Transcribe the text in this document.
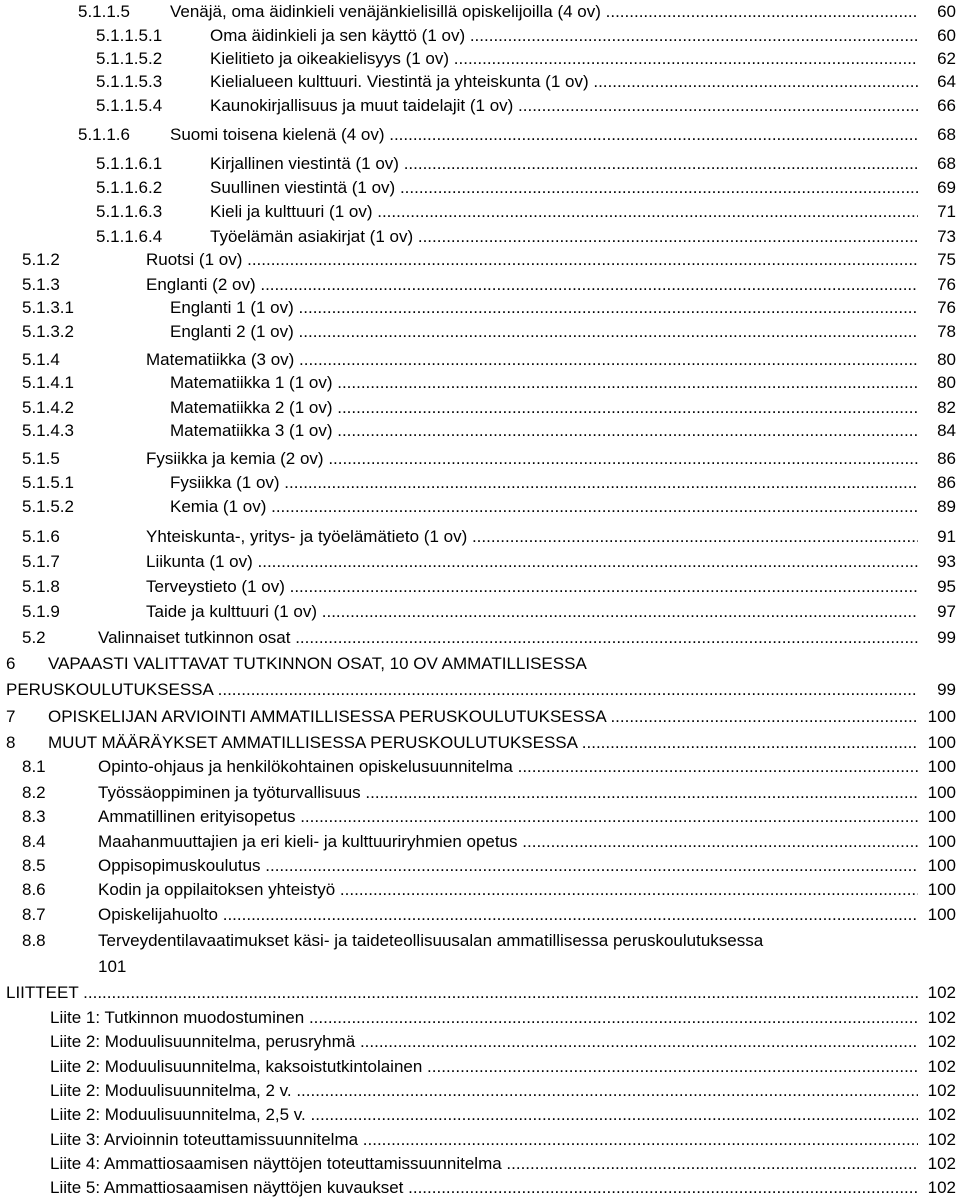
5.1.1.5 Venäjä, oma äidinkieli venäjänkielisillä opiskelijoilla (4 ov) .....	60
5.1.1.5.1	Oma äidinkieli ja sen käyttö (1 ov) .....	60
5.1.1.5.2	Kielitieto ja oikeakielisyys (1 ov) .....	62
5.1.1.5.3	Kielialueen kulttuuri. Viestintä ja yhteiskunta (1 ov) .....	64
5.1.1.5.4	Kaunokirjallisuus ja muut taidelajit (1 ov) .....	66
5.1.1.6 Suomi toisena kielenä (4 ov) .....	68
5.1.1.6.1	Kirjallinen viestintä (1 ov) .....	68
5.1.1.6.2	Suullinen viestintä (1 ov) .....	69
5.1.1.6.3	Kieli ja kulttuuri (1 ov) .....	71
5.1.1.6.4	Työelämän asiakirjat (1 ov) .....	73
5.1.2	Ruotsi (1 ov) .....	75
5.1.3	Englanti (2 ov) .....	76
5.1.3.1	Englanti 1 (1 ov) .....	76
5.1.3.2	Englanti 2 (1 ov) .....	78
5.1.4	Matematiikka (3 ov) .....	80
5.1.4.1	Matematiikka 1 (1 ov) .....	80
5.1.4.2	Matematiikka 2 (1 ov) .....	82
5.1.4.3	Matematiikka 3 (1 ov) .....	84
5.1.5	Fysiikka ja kemia (2 ov) .....	86
5.1.5.1	Fysiikka (1 ov) .....	86
5.1.5.2	Kemia (1 ov) .....	89
5.1.6	Yhteiskunta-, yritys- ja työelämätieto (1 ov) .....	91
5.1.7	Liikunta (1 ov) .....	93
5.1.8	Terveystieto (1 ov) .....	95
5.1.9	Taide ja kulttuuri (1 ov) .....	97
5.2	Valinnaiset tutkinnon osat .....	99
6 VAPAASTI VALITTAVAT TUTKINNON OSAT, 10 OV AMMATILLISESSA
PERUSKOULUTUKSESSA .....	99
7 OPISKELIJAN ARVIOINTI AMMATILLISESSA PERUSKOULUTUKSESSA .....	100
8 MUUT MÄÄRÄYKSET AMMATILLISESSA PERUSKOULUTUKSESSA .....	100
8.1	Opinto-ohjaus ja henkilökohtainen opiskelusuunnitelma .....	100
8.2	Työssäoppiminen ja työturvallisuus .....	100
8.3	Ammatillinen erityisopetus .....	100
8.4	Maahanmuuttajien ja eri kieli- ja kulttuuriryhmien opetus .....	100
8.5	Oppisopimuskoulutus .....	100
8.6	Kodin ja oppilaitoksen yhteistyö .....	100
8.7	Opiskelijahuolto .....	100
8.8	Terveydentilavaatimukset käsi- ja taideteollisuusalan ammatillisessa peruskoulutuksessa
101
LIITTEET .....	102
Liite 1: Tutkinnon muodostuminen .....	102
Liite 2: Moduulisuunnitelma, perusryhmä .....	102
Liite 2: Moduulisuunnitelma, kaksoistutkintolainen .....	102
Liite 2: Moduulisuunnitelma, 2 v. .....	102
Liite 2: Moduulisuunnitelma, 2,5 v. .....	102
Liite 3: Arvioinnin toteuttamissuunnitelma .....	102
Liite 4: Ammattiosaamisen näyttöjen toteuttamissuunnitelma .....	102
Liite 5: Ammattiosaamisen näyttöjen kuvaukset .....	102
